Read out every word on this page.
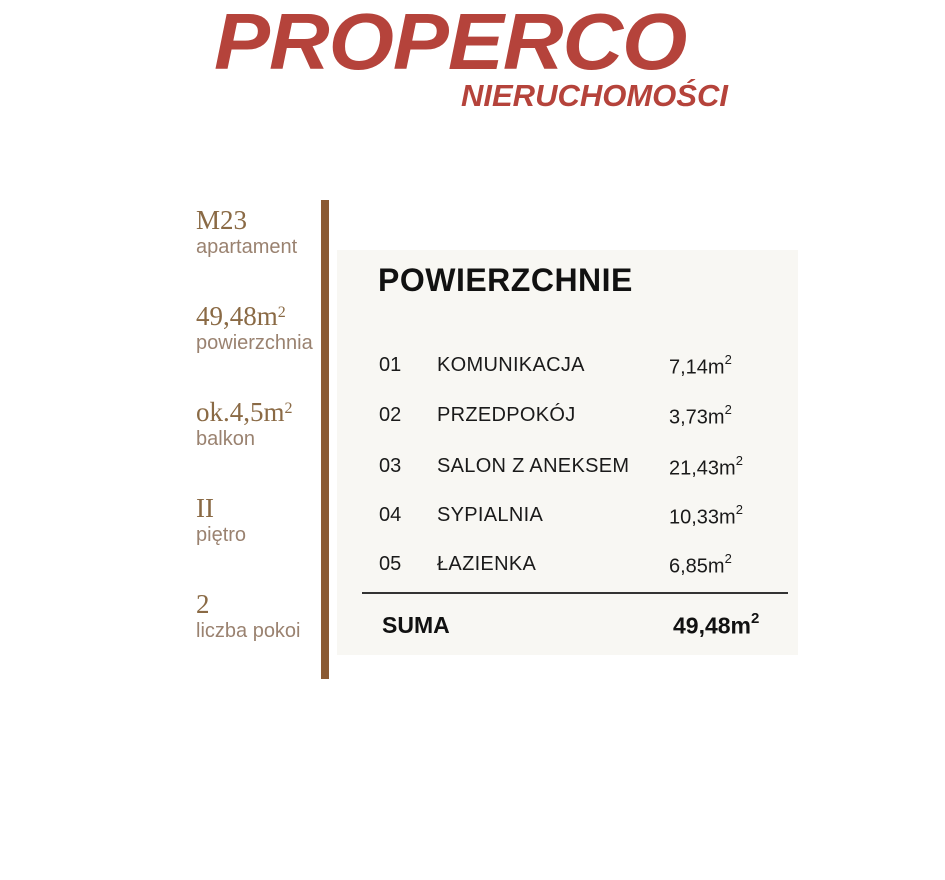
PROPERCO
NIERUCHOMOŚCI
M23
apartament
$49,48m^2$
powierzchnia
$ok.4,5m^2$
balkon
II
piętro
2
liczba pokoi
POWIERZCHNIE
01 KOMUNIKACJA	$7,14m^2$
02 PRZEDPOKÓJ	$3,73m^2$
03 SALON Z ANEKSEM $21,43m^2$
04 SYPIALNIA	$10,33m^2$
05 ŁAZIENKA	$6,85m^2$
SUMA	$49,48m^2$
